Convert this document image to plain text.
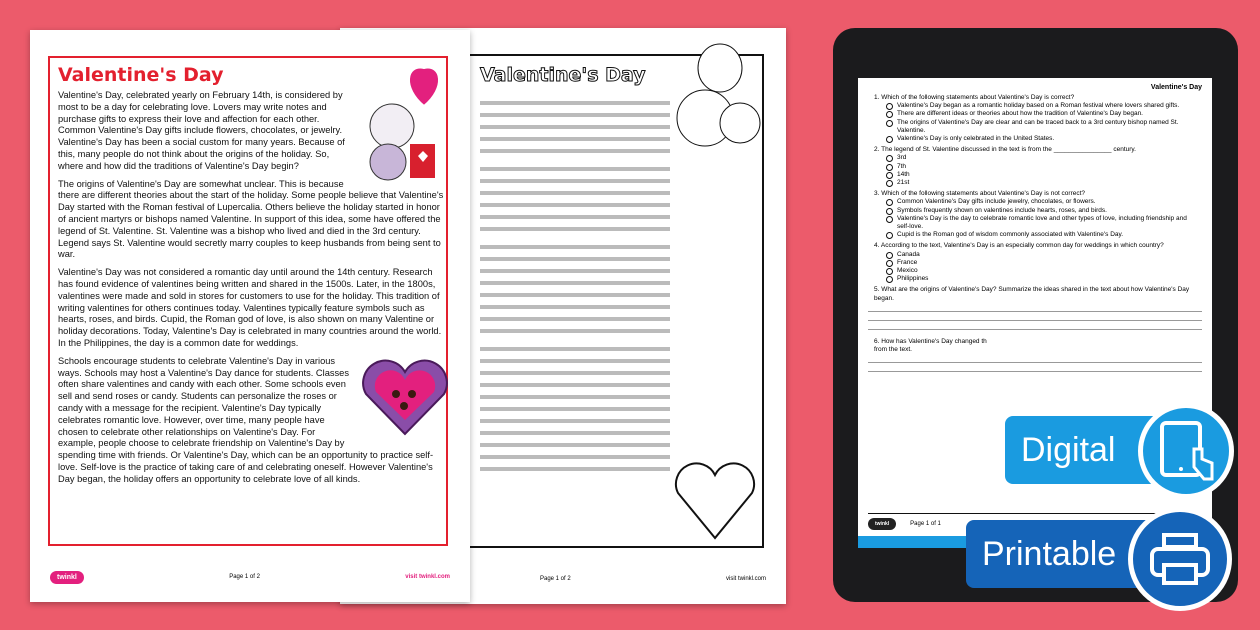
Valentine's Day
Page 1 of 2	visit twinkl.com
Valentine's Day

Valentine's Day, celebrated yearly on February 14th, is considered by most to be a day for celebrating love. Lovers may write notes and purchase gifts to express their love and affection for each other. Common Valentine's Day gifts include flowers, chocolates, or jewelry. Valentine's Day has been a social custom for many years. Because of this, many people do not think about the origins of the holiday. So, where and how did the traditions of Valentine's Day begin?

The origins of Valentine's Day are somewhat unclear. This is because there are different theories about the start of the holiday. Some people believe that Valentine's Day started with the Roman festival of Lupercalia. Others believe the holiday started in honor of ancient martyrs or bishops named Valentine. In support of this idea, some have offered the legend of St. Valentine. St. Valentine was a bishop who lived and died in the 3rd century. Legend says St. Valentine would secretly marry couples to keep husbands from being sent to war.

Valentine's Day was not considered a romantic day until around the 14th century. Research has found evidence of valentines being written and shared in the 1500s. Later, in the 1800s, valentines were made and sold in stores for customers to use for the holiday. This tradition of writing valentines for others continues today. Valentines typically feature symbols such as hearts, roses, and birds. Cupid, the Roman god of love, is also shown on many Valentine or holiday decorations. Today, Valentine's Day is celebrated in many countries around the world. In the Philippines, the day is a common date for weddings.

Schools encourage students to celebrate Valentine's Day in various ways. Schools may host a Valentine's Day dance for students. Classes often share valentines and candy with each other. Some schools even sell and send roses or candy. Students can personalize the roses or candy with a message for the recipient. Valentine's Day typically celebrates romantic love. However, over time, many people have chosen to celebrate other relationships on Valentine's Day. For example, people choose to celebrate friendship on Valentine's Day by spending time with friends. Or Valentine's Day, which can be an opportunity to practice self-love. Self-love is the practice of taking care of and celebrating oneself. However Valentine's Day began, the holiday offers an opportunity to celebrate love of all kinds.

twinkl	Page 1 of 2	visit twinkl.com
Valentine's Day
1. Which of the following statements about Valentine's Day is correct?
Valentine's Day began as a romantic holiday based on a Roman festival where lovers shared gifts.
There are different ideas or theories about how the tradition of Valentine's Day began.
The origins of Valentine's Day are clear and can be traced back to a 3rd century bishop named St. Valentine.
Valentine's Day is only celebrated in the United States.
2. The legend of St. Valentine discussed in the text is from the ________________ century.
3rd
7th
14th
21st
3. Which of the following statements about Valentine's Day is not correct?
Common Valentine's Day gifts include jewelry, chocolates, or flowers.
Symbols frequently shown on valentines include hearts, roses, and birds.
Valentine's Day is the day to celebrate romantic love and other types of love, including friendship and self-love.
Cupid is the Roman god of wisdom commonly associated with Valentine's Day.
4. According to the text, Valentine's Day is an especially common day for weddings in which country?
Canada
France
Mexico
Philippines
5. What are the origins of Valentine's Day? Summarize the ideas shared in the text about how Valentine's Day began.
6. How has Valentine's Day changed th
from the text.
twinkl	Page 1 of 1
Digital
Printable
